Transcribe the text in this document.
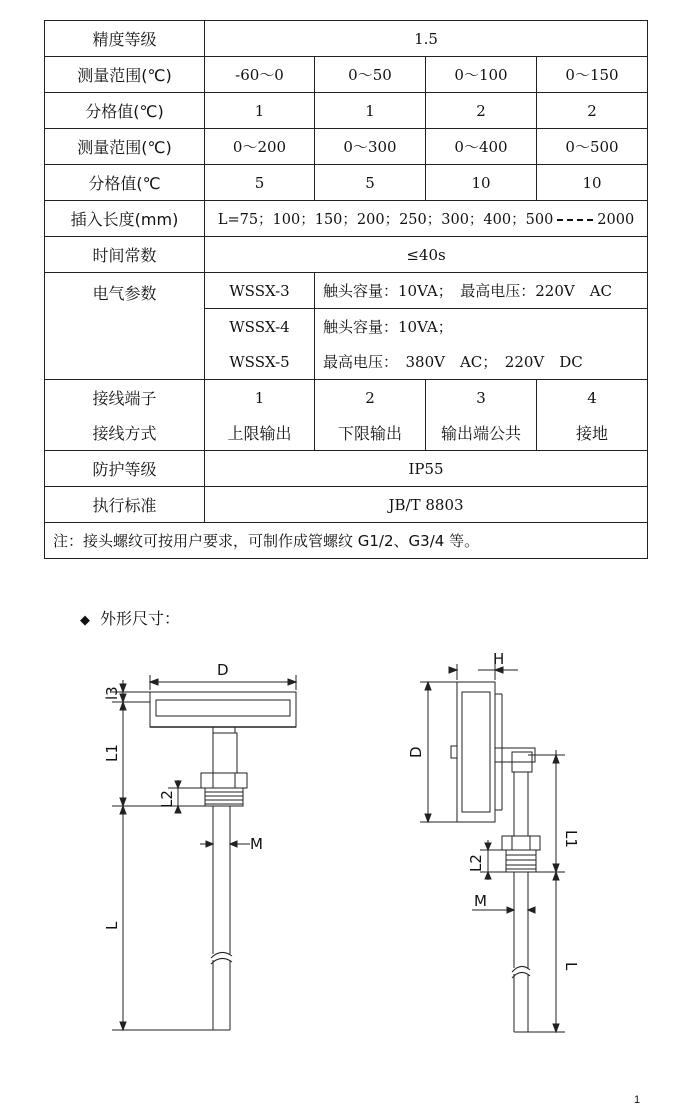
精度等级	1.5			
测量范围(℃)	-60～0	0～50	0～100	0～150
分格值(℃)	1	1	2	2
测量范围(℃)	0～200	0～300	0～400	0～500
分格值(℃	5	5	10	10
插入长度(mm)	L=75；100；150；200；250；300；400；500 2000			
时间常数	≤40s			
电气参数	WSSX-3	触头容量：10VA；　最高电压：220V　AC		
	WSSX-4	触头容量：10VA；		
	WSSX-5	最高电压：　380V　AC；　220V　DC		
接线端子	1	2	3	4
接线方式	上限输出	下限输出	输出端公共	接地
防护等级	IP55			
执行标准	JB/T 8803			
注：接头螺纹可按用户要求，可制作成管螺纹 G1/2、G3/4 等。				
◆ 外形尺寸：
D
l3
L1
L2
M
L
H
D
L1
L2
M
L
1
